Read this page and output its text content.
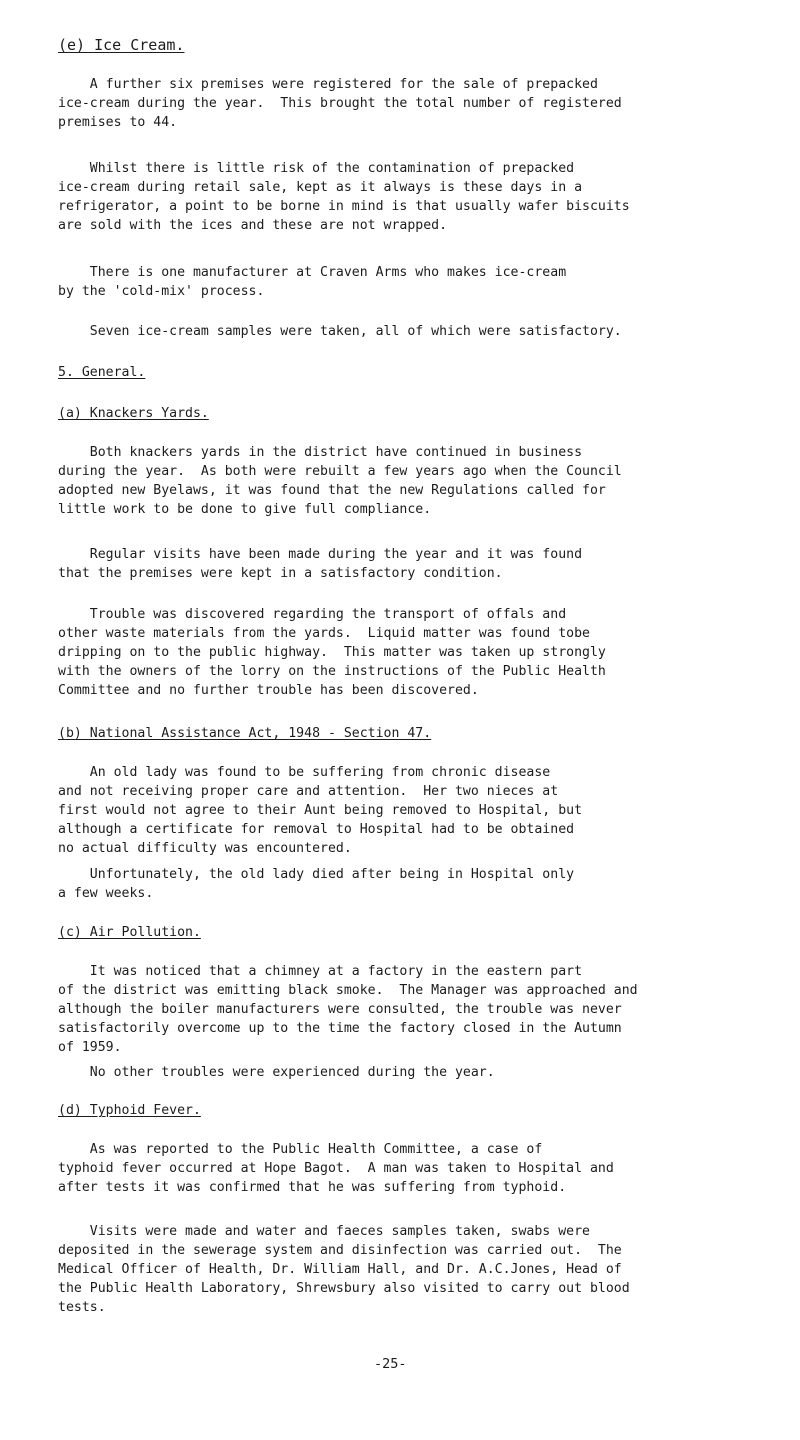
(e) Ice Cream.
A further six premises were registered for the sale of prepacked
ice-cream during the year.  This brought the total number of registered
premises to 44.
Whilst there is little risk of the contamination of prepacked
ice-cream during retail sale, kept as it always is these days in a
refrigerator, a point to be borne in mind is that usually wafer biscuits
are sold with the ices and these are not wrapped.
There is one manufacturer at Craven Arms who makes ice-cream
by the 'cold-mix' process.
Seven ice-cream samples were taken, all of which were satisfactory.
5. General.
(a) Knackers Yards.
Both knackers yards in the district have continued in business
during the year.  As both were rebuilt a few years ago when the Council
adopted new Byelaws, it was found that the new Regulations called for
little work to be done to give full compliance.
Regular visits have been made during the year and it was found
that the premises were kept in a satisfactory condition.
Trouble was discovered regarding the transport of offals and
other waste materials from the yards.  Liquid matter was found tobe
dripping on to the public highway.  This matter was taken up strongly
with the owners of the lorry on the instructions of the Public Health
Committee and no further trouble has been discovered.
(b) National Assistance Act, 1948 - Section 47.
An old lady was found to be suffering from chronic disease
and not receiving proper care and attention.  Her two nieces at
first would not agree to their Aunt being removed to Hospital, but
although a certificate for removal to Hospital had to be obtained
no actual difficulty was encountered.
Unfortunately, the old lady died after being in Hospital only
a few weeks.
(c) Air Pollution.
It was noticed that a chimney at a factory in the eastern part
of the district was emitting black smoke.  The Manager was approached and
although the boiler manufacturers were consulted, the trouble was never
satisfactorily overcome up to the time the factory closed in the Autumn
of 1959.
No other troubles were experienced during the year.
(d) Typhoid Fever.
As was reported to the Public Health Committee, a case of
typhoid fever occurred at Hope Bagot.  A man was taken to Hospital and
after tests it was confirmed that he was suffering from typhoid.
Visits were made and water and faeces samples taken, swabs were
deposited in the sewerage system and disinfection was carried out.  The
Medical Officer of Health, Dr. William Hall, and Dr. A.C.Jones, Head of
the Public Health Laboratory, Shrewsbury also visited to carry out blood
tests.
-25-
